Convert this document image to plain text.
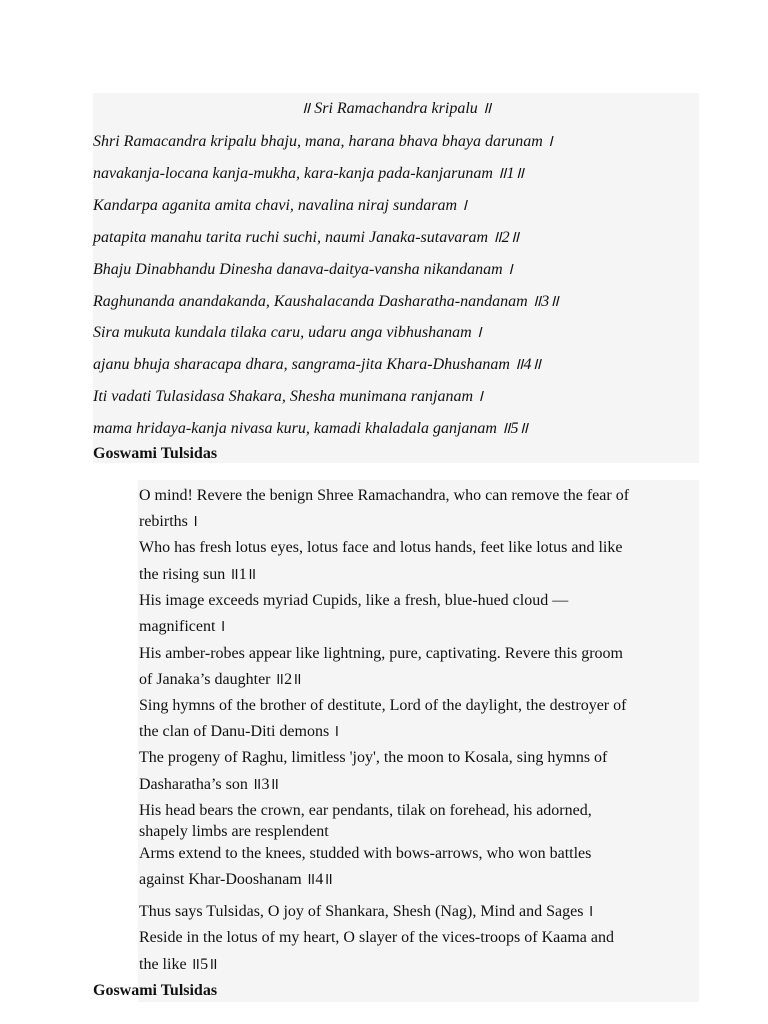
॥ Sri Ramachandra kripalu ॥
Shri Ramacandra kripalu bhaju, mana, harana bhava bhaya darunam ।
navakanja-locana kanja-mukha, kara-kanja pada-kanjarunam ॥1॥
Kandarpa aganita amita chavi, navalina niraj sundaram ।
patapita manahu tarita ruchi suchi, naumi Janaka-sutavaram ॥2॥
Bhaju Dinabhandu Dinesha danava-daitya-vansha nikandanam ।
Raghunanda anandakanda, Kaushalacanda Dasharatha-nandanam ॥3॥
Sira mukuta kundala tilaka caru, udaru anga vibhushanam ।
ajanu bhuja sharacapa dhara, sangrama-jita Khara-Dhushanam ॥4॥
Iti vadati Tulasidasa Shakara, Shesha munimana ranjanam ।
mama hridaya-kanja nivasa kuru, kamadi khaladala ganjanam ॥5॥
Goswami Tulsidas
O mind! Revere the benign Shree Ramachandra, who can remove the fear of
rebirths ।
Who has fresh lotus eyes, lotus face and lotus hands, feet like lotus and like
the rising sun ॥1॥
His image exceeds myriad Cupids, like a fresh, blue-hued cloud —
magnificent ।
His amber-robes appear like lightning, pure, captivating. Revere this groom
of Janaka’s daughter ॥2॥
Sing hymns of the brother of destitute, Lord of the daylight, the destroyer of
the clan of Danu-Diti demons ।
The progeny of Raghu, limitless 'joy', the moon to Kosala, sing hymns of
Dasharatha’s son ॥3॥
His head bears the crown, ear pendants, tilak on forehead, his adorned,
shapely limbs are resplendent
Arms extend to the knees, studded with bows-arrows, who won battles
against Khar-Dooshanam ॥4॥
Thus says Tulsidas, O joy of Shankara, Shesh (Nag), Mind and Sages ।
Reside in the lotus of my heart, O slayer of the vices-troops of Kaama and
the like ॥5॥
Goswami Tulsidas
